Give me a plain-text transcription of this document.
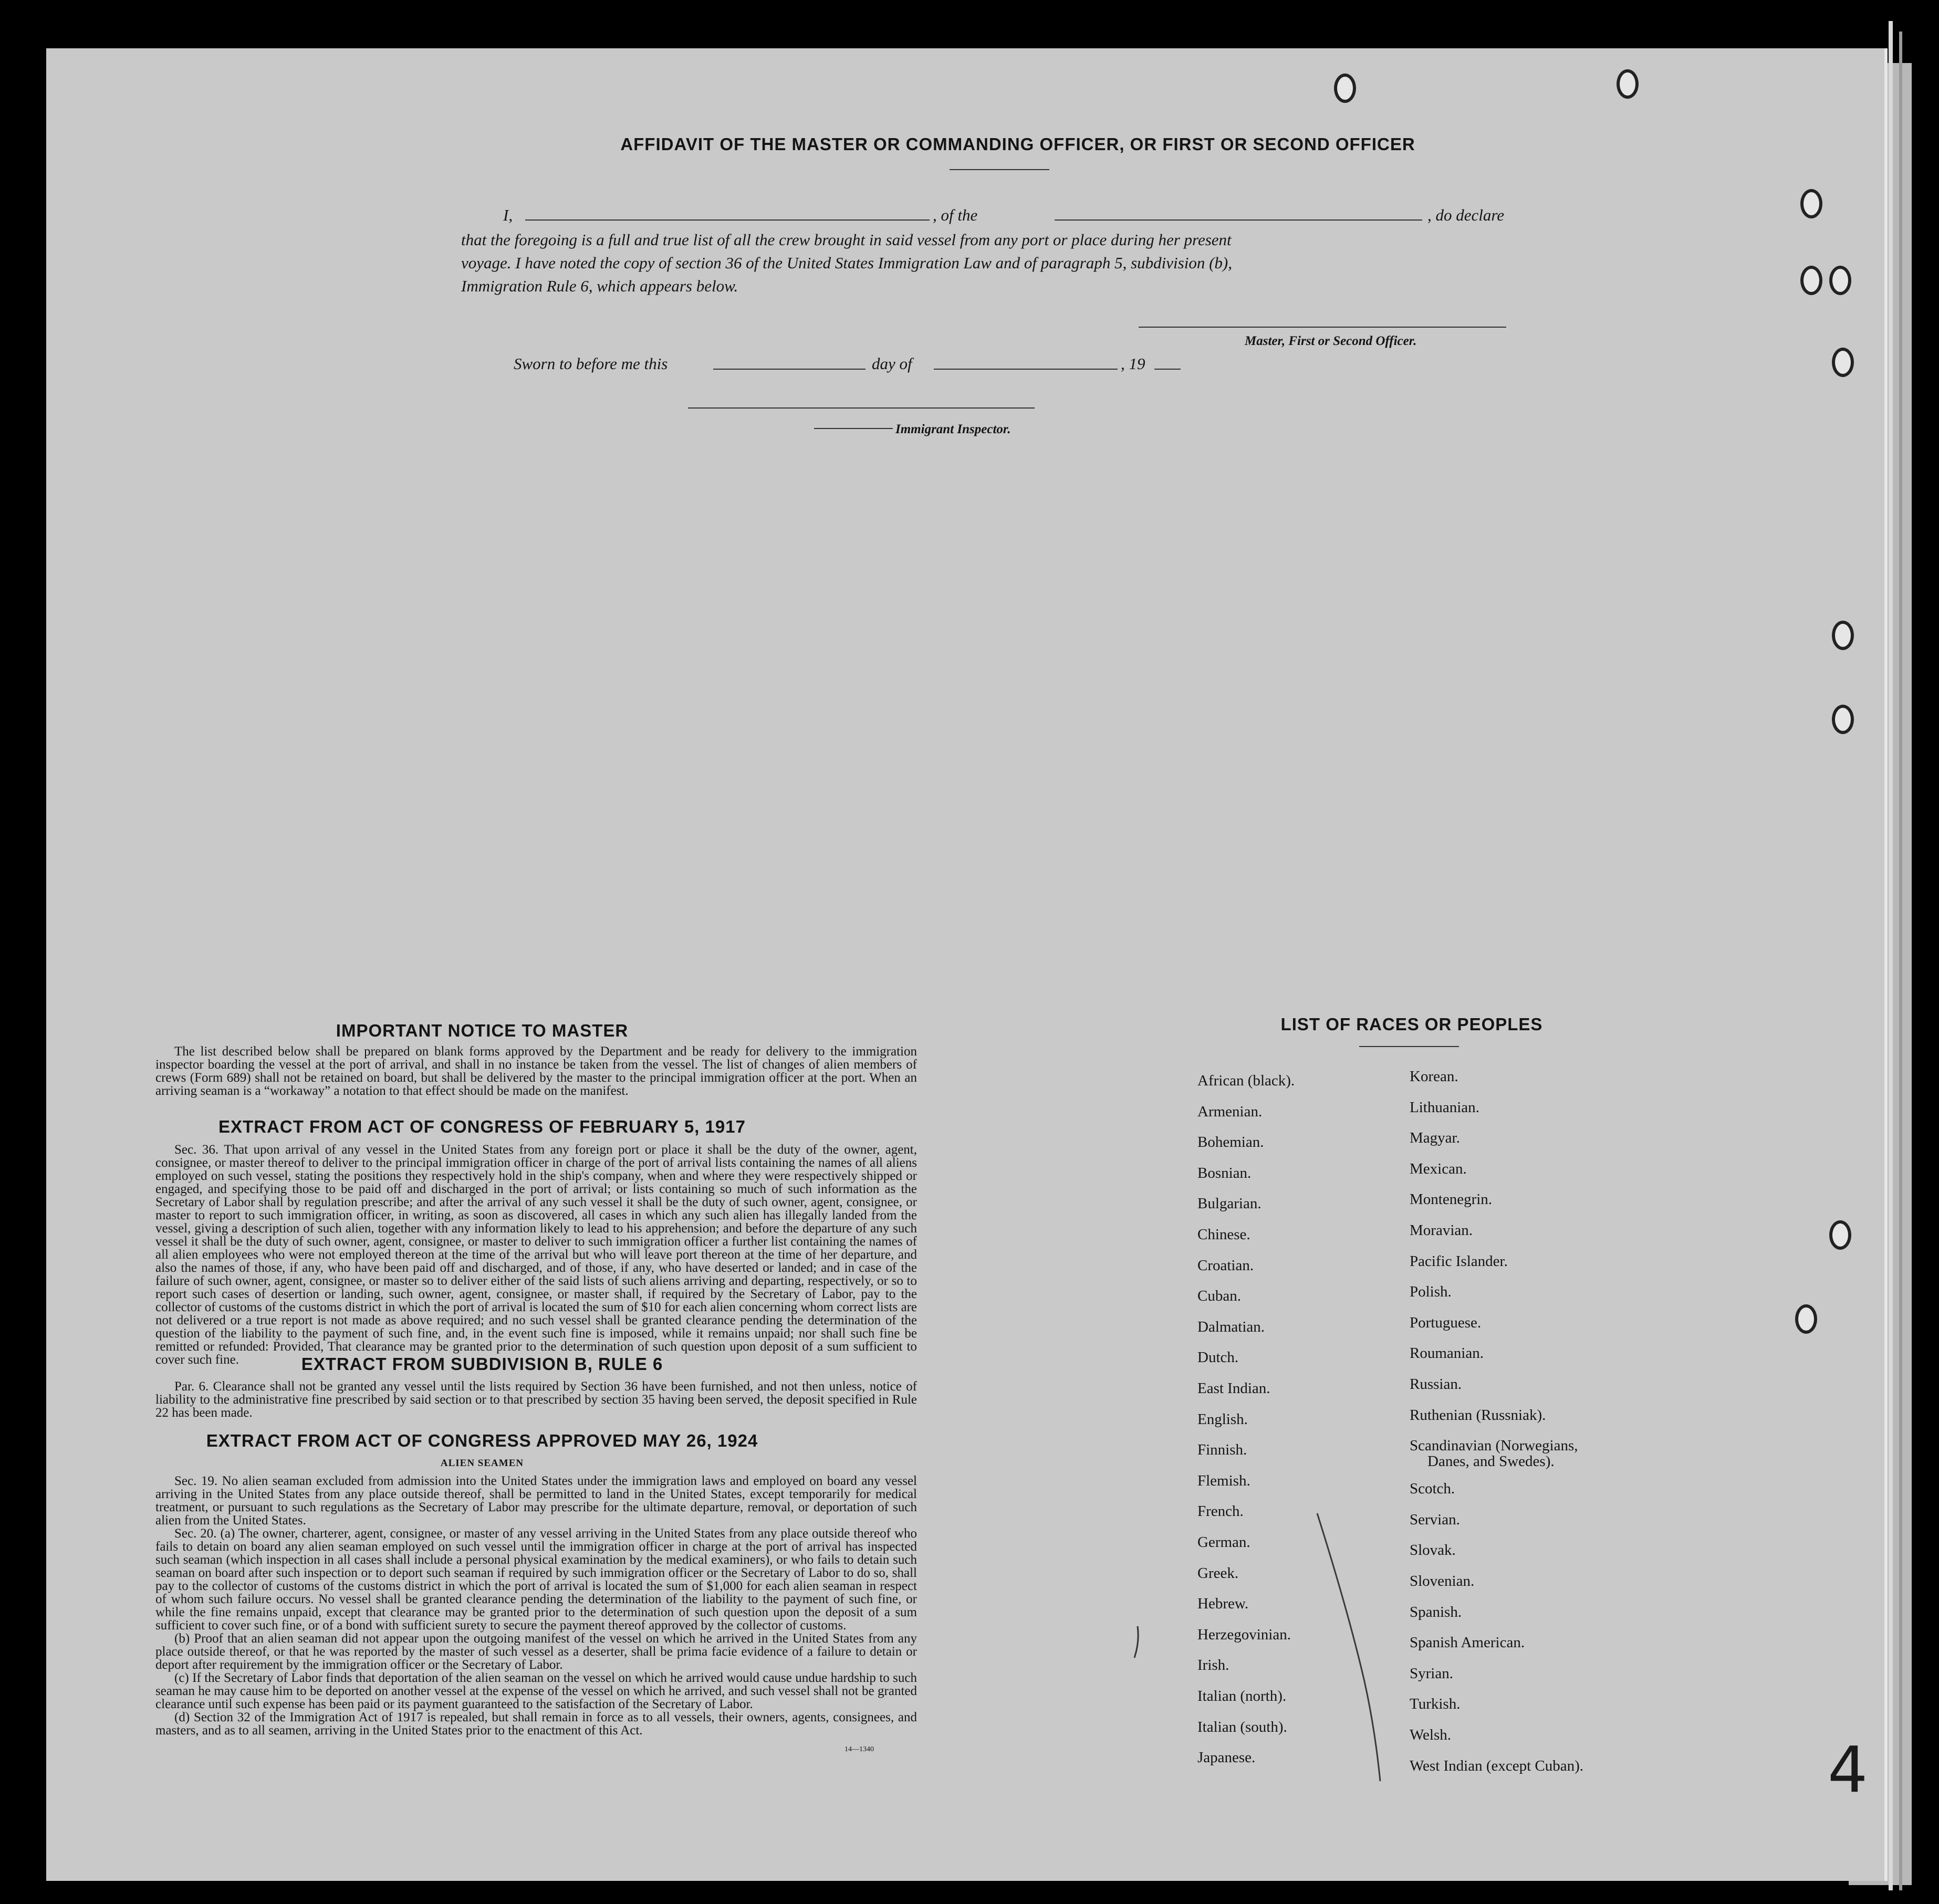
AFFIDAVIT OF THE MASTER OR COMMANDING OFFICER, OR FIRST OR SECOND OFFICER
I,	, of the	, do declare
that the foregoing is a full and true list of all the crew brought in said vessel from any port or place during her present
voyage. I have noted the copy of section 36 of the United States Immigration Law and of paragraph 5, subdivision (b),
Immigration Rule 6, which appears below.
Master, First or Second Officer.
Sworn to before me this	day of	, 19
Immigrant Inspector.
IMPORTANT NOTICE TO MASTER

The list described below shall be prepared on blank forms approved by the Department and be ready for delivery to the immigration inspector boarding the vessel at the port of arrival, and shall in no instance be taken from the vessel. The list of changes of alien members of crews (Form 689) shall not be retained on board, but shall be delivered by the master to the principal immigration officer at the port. When an arriving seaman is a “workaway” a notation to that effect should be made on the manifest.

EXTRACT FROM ACT OF CONGRESS OF FEBRUARY 5, 1917

Sec. 36. That upon arrival of any vessel in the United States from any foreign port or place it shall be the duty of the owner, agent, consignee, or master thereof to deliver to the principal immigration officer in charge of the port of arrival lists containing the names of all aliens employed on such vessel, stating the positions they respectively hold in the ship's company, when and where they were respectively shipped or engaged, and specifying those to be paid off and discharged in the port of arrival; or lists containing so much of such information as the Secretary of Labor shall by regulation prescribe; and after the arrival of any such vessel it shall be the duty of such owner, agent, consignee, or master to report to such immigration officer, in writing, as soon as discovered, all cases in which any such alien has illegally landed from the vessel, giving a description of such alien, together with any information likely to lead to his apprehension; and before the departure of any such vessel it shall be the duty of such owner, agent, consignee, or master to deliver to such immigration officer a further list containing the names of all alien employees who were not employed thereon at the time of the arrival but who will leave port thereon at the time of her departure, and also the names of those, if any, who have been paid off and discharged, and of those, if any, who have deserted or landed; and in case of the failure of such owner, agent, consignee, or master so to deliver either of the said lists of such aliens arriving and departing, respectively, or so to report such cases of desertion or landing, such owner, agent, consignee, or master shall, if required by the Secretary of Labor, pay to the collector of customs of the customs district in which the port of arrival is located the sum of $10 for each alien concerning whom correct lists are not delivered or a true report is not made as above required; and no such vessel shall be granted clearance pending the determination of the question of the liability to the payment of such fine, and, in the event such fine is imposed, while it remains unpaid; nor shall such fine be remitted or refunded: Provided, That clearance may be granted prior to the determination of such question upon deposit of a sum sufficient to cover such fine.	EXTRACT FROM SUBDIVISION B, RULE 6

Par. 6. Clearance shall not be granted any vessel until the lists required by Section 36 have been furnished, and not then unless, notice of liability to the administrative fine prescribed by said section or to that prescribed by section 35 having been served, the deposit specified in Rule 22 has been made.

EXTRACT FROM ACT OF CONGRESS APPROVED MAY 26, 1924
ALIEN SEAMEN

Sec. 19. No alien seaman excluded from admission into the United States under the immigration laws and employed on board any vessel arriving in the United States from any place outside thereof, shall be permitted to land in the United States, except temporarily for medical treatment, or pursuant to such regulations as the Secretary of Labor may prescribe for the ultimate departure, removal, or deportation of such alien from the United States.

Sec. 20. (a) The owner, charterer, agent, consignee, or master of any vessel arriving in the United States from any place outside thereof who fails to detain on board any alien seaman employed on such vessel until the immigration officer in charge at the port of arrival has inspected such seaman (which inspection in all cases shall include a personal physical examination by the medical examiners), or who fails to detain such seaman on board after such inspection or to deport such seaman if required by such immigration officer or the Secretary of Labor to do so, shall pay to the collector of customs of the customs district in which the port of arrival is located the sum of $1,000 for each alien seaman in respect of whom such failure occurs. No vessel shall be granted clearance pending the determination of the liability to the payment of such fine, or while the fine remains unpaid, except that clearance may be granted prior to the determination of such question upon the deposit of a sum sufficient to cover such fine, or of a bond with sufficient surety to secure the payment thereof approved by the collector of customs.

(b) Proof that an alien seaman did not appear upon the outgoing manifest of the vessel on which he arrived in the United States from any place outside thereof, or that he was reported by the master of such vessel as a deserter, shall be prima facie evidence of a failure to detain or deport after requirement by the immigration officer or the Secretary of Labor.

(c) If the Secretary of Labor finds that deportation of the alien seaman on the vessel on which he arrived would cause undue hardship to such seaman he may cause him to be deported on another vessel at the expense of the vessel on which he arrived, and such vessel shall not be granted clearance until such expense has been paid or its payment guaranteed to the satisfaction of the Secretary of Labor.

(d) Section 32 of the Immigration Act of 1917 is repealed, but shall remain in force as to all vessels, their owners, agents, consignees, and masters, and as to all seamen, arriving in the United States prior to the enactment of this Act.

14—1340
LIST OF RACES OR PEOPLES
African (black).
Armenian.
Bohemian.
Bosnian.
Bulgarian.
Chinese.
Croatian.
Cuban.
Dalmatian.
Dutch.
East Indian.
English.
Finnish.
Flemish.
French.
German.
Greek.
Hebrew.
Herzegovinian.
Irish.
Italian (north).
Italian (south).
Japanese.
Korean.
Lithuanian.
Magyar.
Mexican.
Montenegrin.
Moravian.
Pacific Islander.
Polish.
Portuguese.
Roumanian.
Russian.
Ruthenian (Russniak).
Scandinavian (Norwegians,
Danes, and Swedes).
Scotch.
Servian.
Slovak.
Slovenian.
Spanish.
Spanish American.
Syrian.
Turkish.
Welsh.
West Indian (except Cuban).	4
